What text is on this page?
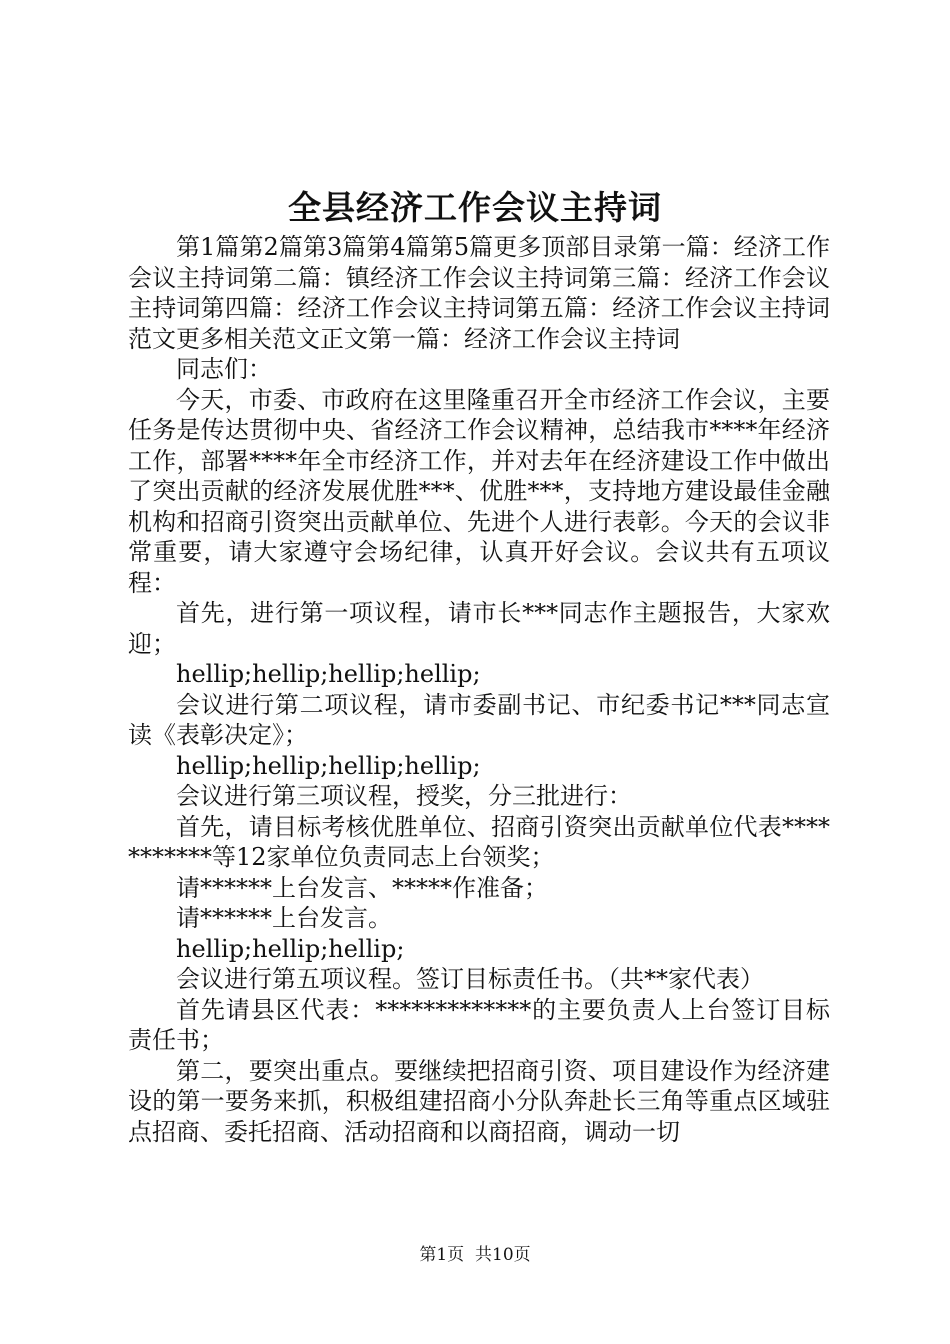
全县经济工作会议主持词

第1篇第2篇第3篇第4篇第5篇更多顶部目录第一篇：经济工作会议主持词第二篇：镇经济工作会议主持词第三篇：经济工作会议主持词第四篇：经济工作会议主持词第五篇：经济工作会议主持词范文更多相关范文正文第一篇：经济工作会议主持词

同志们：

今天，市委、市政府在这里隆重召开全市经济工作会议，主要任务是传达贯彻中央、省经济工作会议精神，总结我市****年经济工作，部署****年全市经济工作，并对去年在经济建设工作中做出了突出贡献的经济发展优胜***、优胜***，支持地方建设最佳金融机构和招商引资突出贡献单位、先进个人进行表彰。今天的会议非常重要，请大家遵守会场纪律，认真开好会议。会议共有五项议程：

首先，进行第一项议程，请市长***同志作主题报告，大家欢迎；

hellip;hellip;hellip;hellip;

会议进行第二项议程，请市委副书记、市纪委书记***同志宣读《表彰决定》；

hellip;hellip;hellip;hellip;

会议进行第三项议程，授奖，分三批进行：

首先，请目标考核优胜单位、招商引资突出贡献单位代表***********等12家单位负责同志上台领奖；

请******上台发言、*****作准备；

请******上台发言。

hellip;hellip;hellip;

会议进行第五项议程。签订目标责任书。（共**家代表）

首先请县区代表：*************的主要负责人上台签订目标责任书；

第二，要突出重点。要继续把招商引资、项目建设作为经济建设的第一要务来抓，积极组建招商小分队奔赴长三角等重点区域驻点招商、委托招商、活动招商和以商招商，调动一切

第1页 共10页
